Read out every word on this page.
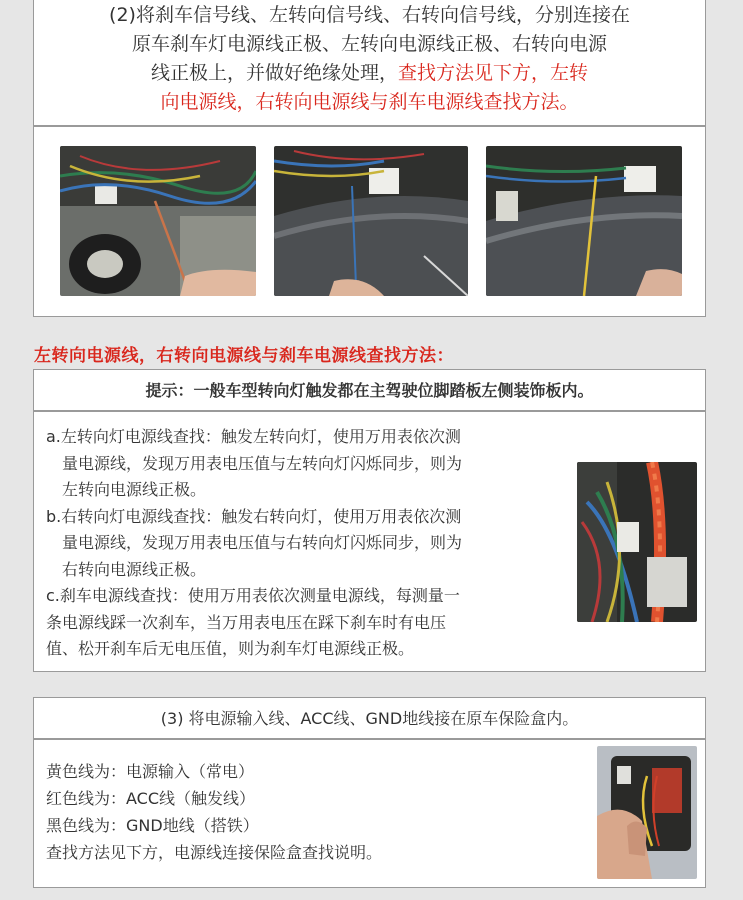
(2)将刹车信号线、左转向信号线、右转向信号线，分别连接在
原车刹车灯电源线正极、左转向电源线正极、右转向电源
线正极上，并做好绝缘处理，查找方法见下方，左转
向电源线，右转向电源线与刹车电源线查找方法。
左转向电源线，右转向电源线与刹车电源线查找方法：
提示：一般车型转向灯触发都在主驾驶位脚踏板左侧装饰板内。
a.左转向灯电源线查找：触发左转向灯，使用万用表依次测
量电源线，发现万用表电压值与左转向灯闪烁同步，则为
左转向电源线正极。
b.右转向灯电源线查找：触发右转向灯，使用万用表依次测
量电源线，发现万用表电压值与右转向灯闪烁同步，则为
右转向电源线正极。
c.刹车电源线查找：使用万用表依次测量电源线，每测量一
条电源线踩一次刹车，当万用表电压在踩下刹车时有电压
值、松开刹车后无电压值，则为刹车灯电源线正极。
(3) 将电源输入线、ACC线、GND地线接在原车保险盒内。
黄色线为：电源输入（常电）
红色线为：ACC线（触发线）
黑色线为：GND地线（搭铁）
查找方法见下方，电源线连接保险盒查找说明。
